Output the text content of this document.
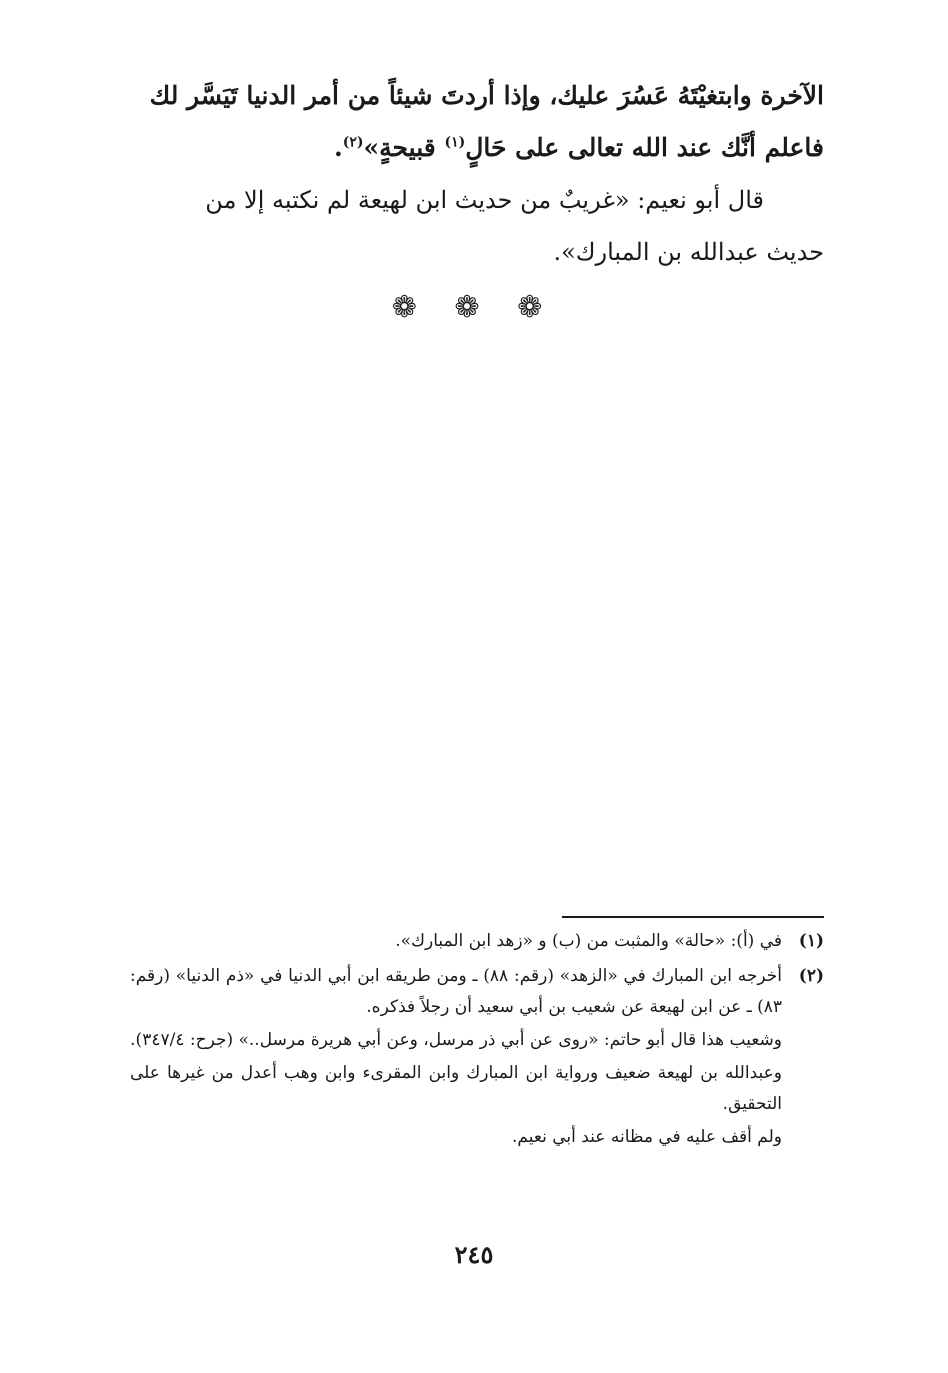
الآخرة وابتغيْتَهُ عَسُرَ عليك، وإذا أردتَ شيئاً من أمر الدنيا تَيَسَّر لك

فاعلم أنَّك عند الله تعالى على حَالٍ$^{(١)}$ قبيحةٍ»$^{(٢)}$.

قال أبو نعيم: «غريبٌ من حديث ابن لهيعة لم نكتبه إلا من

حديث عبدالله بن المبارك».

❁ ❁ ❁
(١)

في (أ): «حالة» والمثبت من (ب) و «زهد ابن المبارك».

(٢)

أخرجه ابن المبارك في «الزهد» (رقم: ٨٨) ـ ومن طريقه ابن أبي الدنيا في «ذم الدنيا» (رقم: ٨٣) ـ عن ابن لهيعة عن شعيب بن أبي سعيد أن رجلاً فذكره.

وشعيب هذا قال أبو حاتم: «روى عن أبي ذر مرسل، وعن أبي هريرة مرسل..» (جرح: ٣٤٧/٤).

وعبدالله بن لهيعة ضعيف ورواية ابن المبارك وابن المقرىء وابن وهب أعدل من غيرها على التحقيق.

ولم أقف عليه في مظانه عند أبي نعيم.

٢٤٥
